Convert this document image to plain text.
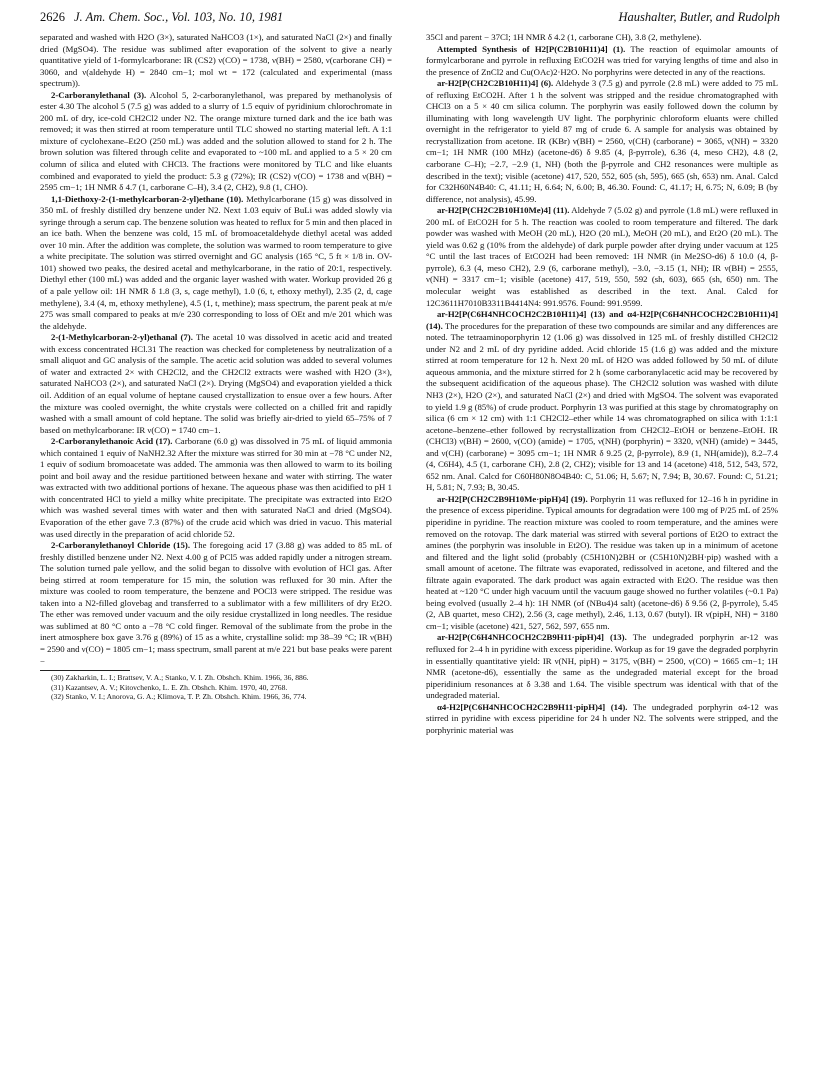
2626 J. Am. Chem. Soc., Vol. 103, No. 10, 1981	Haushalter, Butler, and Rudolph

separated and washed with H2O (3×), saturated NaHCO3 (1×), and saturated NaCl (2×) and finally dried (MgSO4). The residue was sublimed after evaporation of the solvent to give a nearly quantitative yield of 1-formylcarborane: IR (CS2) ν(CO) = 1738, ν(BH) = 2580, ν(carborane CH) = 3060, and ν(aldehyde H) = 2840 cm−1; mol wt = 172 (calculated and experimental (mass spectrum)).

2-Carboranylethanal (3). Alcohol 5, 2-carboranylethanol, was prepared by methanolysis of ester 4.30 The alcohol 5 (7.5 g) was added to a slurry of 1.5 equiv of pyridinium chlorochromate in 200 mL of dry, ice-cold CH2Cl2 under N2. The orange mixture turned dark and the ice bath was removed; it was then stirred at room temperature until TLC showed no starting material left. A 1:1 mixture of cyclohexane–Et2O (250 mL) was added and the solution allowed to stand for 2 h. The brown solution was filtered through celite and evaporated to ~100 mL and applied to a 5 × 20 cm column of silica and eluted with CHCl3. The fractions were monitored by TLC and like eluants combined and evaporated to yield the product: 5.3 g (72%); IR (CS2) ν(CO) = 1738 and ν(BH) = 2595 cm−1; 1H NMR δ 4.7 (1, carborane C–H), 3.4 (2, CH2), 9.8 (1, CHO).

1,1-Diethoxy-2-(1-methylcarboran-2-yl)ethane (10). Methylcarborane (15 g) was dissolved in 350 mL of freshly distilled dry benzene under N2. Next 1.03 equiv of BuLi was added slowly via syringe through a serum cap. The benzene solution was heated to reflux for 5 min and then placed in an ice bath. When the benzene was cold, 15 mL of bromoacetaldehyde diethyl acetal was added over 10 min. After the addition was complete, the solution was warmed to room temperature to give a white precipitate. The solution was stirred overnight and GC analysis (165 °C, 5 ft × 1/8 in. OV-101) showed two peaks, the desired acetal and methylcarborane, in the ratio of 20:1, respectively. Diethyl ether (100 mL) was added and the organic layer washed with water. Workup provided 26 g of a pale yellow oil: 1H NMR δ 1.8 (3, s, cage methyl), 1.0 (6, t, ethoxy methyl), 2.35 (2, d, cage methylene), 3.4 (4, m, ethoxy methylene), 4.5 (1, t, methine); mass spectrum, the parent peak at m/e 275 was small compared to peaks at m/e 230 corresponding to loss of OEt and m/e 201 which was the aldehyde.

2-(1-Methylcarboran-2-yl)ethanal (7). The acetal 10 was dissolved in acetic acid and treated with excess concentrated HCl.31 The reaction was checked for completeness by neutralization of a small aliquot and GC analysis of the sample. The acetic acid solution was added to several volumes of water and extracted 2× with CH2Cl2, and the CH2Cl2 extracts were washed with H2O (3×), saturated NaHCO3 (2×), and saturated NaCl (2×). Drying (MgSO4) and evaporation yielded a thick oil. Addition of an equal volume of heptane caused crystallization to ensue over a few hours. After the mixture was cooled overnight, the white crystals were collected on a chilled frit and rapidly washed with a small amount of cold heptane. The solid was briefly air-dried to yield 65–75% of 7 based on methylcarborane: IR ν(CO) = 1740 cm−1.

2-Carboranylethanoic Acid (17). Carborane (6.0 g) was dissolved in 75 mL of liquid ammonia which contained 1 equiv of NaNH2.32 After the mixture was stirred for 30 min at −78 °C under N2, 1 equiv of sodium bromoacetate was added. The ammonia was then allowed to warm to its boiling point and boil away and the residue partitioned between hexane and water with stirring. The water was extracted with two additional portions of hexane. The aqueous phase was then acidified to pH 1 with concentrated HCl to yield a milky white precipitate. The precipitate was extracted into Et2O which was washed several times with water and then with saturated NaCl and dried (MgSO4). Evaporation of the ether gave 7.3 (87%) of the crude acid which was dried in vacuo. This material was used directly in the preparation of acid chloride 52.

2-Carboranylethanoyl Chloride (15). The foregoing acid 17 (3.88 g) was added to 85 mL of freshly distilled benzene under N2. Next 4.00 g of PCl5 was added rapidly under a nitrogen stream. The solution turned pale yellow, and the solid began to dissolve with evolution of HCl gas. After being stirred at room temperature for 15 min, the solution was refluxed for 30 min. After the mixture was cooled to room temperature, the benzene and POCl3 were stripped. The residue was taken into a N2-filled glovebag and transferred to a sublimator with a few milliliters of dry Et2O. The ether was removed under vacuum and the oily residue crystallized in long needles. The residue was sublimed at 80 °C onto a −78 °C cold finger. Removal of the sublimate from the probe in the inert atmosphere box gave 3.76 g (89%) of 15 as a white, crystalline solid: mp 38–39 °C; IR ν(BH) = 2590 and ν(CO) = 1805 cm−1; mass spectrum, small parent at m/e 221 but base peaks were parent −

(30) Zakharkin, L. I.; Brattsev, V. A.; Stanko, V. I. Zh. Obshch. Khim. 1966, 36, 886.

(31) Kazantsev, A. V.; Kitovchenko, L. E. Zh. Obshch. Khim. 1970, 40, 2768.

(32) Stanko, V. I.; Anorova, G. A.; Klimova, T. P. Zh. Obshch. Khim. 1966, 36, 774.

35Cl and parent − 37Cl; 1H NMR δ 4.2 (1, carborane CH), 3.8 (2, methylene).

Attempted Synthesis of H2[P(C2B10H11)4] (1). The reaction of equimolar amounts of formylcarborane and pyrrole in refluxing EtCO2H was tried for varying lengths of time and also in the presence of ZnCl2 and Cu(OAc)2·H2O. No porphyrins were detected in any of the reactions.

ar-H2[P(CH2C2B10H11)4] (6). Aldehyde 3 (7.5 g) and pyrrole (2.8 mL) were added to 75 mL of refluxing EtCO2H. After 1 h the solvent was stripped and the residue chromatographed with CHCl3 on a 5 × 40 cm silica column. The porphyrin was easily followed down the column by illuminating with long wavelength UV light. The porphyrinic chloroform eluants were chilled overnight in the refrigerator to yield 87 mg of crude 6. A sample for analysis was obtained by recrystallization from acetone. IR (KBr) ν(BH) = 2560, ν(CH) (carborane) = 3065, ν(NH) = 3320 cm−1; 1H NMR (100 MHz) (acetone-d6) δ 9.85 (4, β-pyrrole), 6.36 (4, meso CH2), 4.8 (2, carborane C–H); −2.7, −2.9 (1, NH) (both the β-pyrrole and CH2 resonances were multiple as described in the text); visible (acetone) 417, 520, 552, 605 (sh, 595), 665 (sh, 653) nm. Anal. Calcd for C32H60N4B40: C, 41.11; H, 6.64; N, 6.00; B, 46.30. Found: C, 41.17; H, 6.75; N, 6.09; B (by difference, not analysis), 45.99.

ar-H2[P(CH2C2B10H10Me)4] (11). Aldehyde 7 (5.02 g) and pyrrole (1.8 mL) were refluxed in 200 mL of EtCO2H for 5 h. The reaction was cooled to room temperature and filtered. The dark powder was washed with MeOH (20 mL), H2O (20 mL), MeOH (20 mL), and Et2O (20 mL). The yield was 0.62 g (10% from the aldehyde) of dark purple powder after drying under vacuum at 125 °C until the last traces of EtCO2H had been removed: 1H NMR (in Me2SO-d6) δ 10.0 (4, β-pyrrole), 6.3 (4, meso CH2), 2.9 (6, carborane methyl), −3.0, −3.15 (1, NH); IR ν(BH) = 2555, ν(NH) = 3317 cm−1; visible (acetone) 417, 519, 550, 592 (sh, 603), 665 (sh, 650) nm. The molecular weight was established as described in the text. Anal. Calcd for 12C3611H7010B3311B4414N4: 991.9576. Found: 991.9599.

ar-H2[P(C6H4NHCOCH2C2B10H11)4] (13) and α4-H2[P(C6H4NHCOCH2C2B10H11)4] (14). The procedures for the preparation of these two compounds are similar and any differences are noted. The tetraaminoporphyrin 12 (1.06 g) was dissolved in 125 mL of freshly distilled CH2Cl2 under N2 and 2 mL of dry pyridine added. Acid chloride 15 (1.6 g) was added and the mixture stirred at room temperature for 12 h. Next 20 mL of H2O was added followed by 50 mL of dilute aqueous ammonia, and the mixture stirred for 2 h (some carboranylacetic acid may be recovered by the subsequent acidification of the aqueous phase). The CH2Cl2 solution was washed with dilute NH3 (2×), H2O (2×), and saturated NaCl (2×) and dried with MgSO4. The solvent was evaporated to yield 1.9 g (85%) of crude product. Porphyrin 13 was purified at this stage by chromatography on silica (6 cm × 12 cm) with 1:1 CH2Cl2–ether while 14 was chromatographed on silica with 1:1:1 acetone–benzene–ether followed by recrystallization from CH2Cl2–EtOH or benzene–EtOH. IR (CHCl3) ν(BH) = 2600, ν(CO) (amide) = 1705, ν(NH) (porphyrin) = 3320, ν(NH) (amide) = 3445, and ν(CH) (carborane) = 3095 cm−1; 1H NMR δ 9.25 (2, β-pyrrole), 8.9 (1, NH(amide)), 8.2–7.4 (4, C6H4), 4.5 (1, carborane CH), 2.8 (2, CH2); visible for 13 and 14 (acetone) 418, 512, 543, 572, 652 nm. Anal. Calcd for C60H80N8O4B40: C, 51.06; H, 5.67; N, 7.94; B, 30.67. Found: C, 51.21; H, 5.81; N, 7.93; B, 30.45.

ar-H2[P(CH2C2B9H10Me·pipH)4] (19). Porphyrin 11 was refluxed for 12–16 h in pyridine in the presence of excess piperidine. Typical amounts for degradation were 100 mg of P/25 mL of 25% piperidine in pyridine. The reaction mixture was cooled to room temperature, and the amines were removed on the rotovap. The dark material was stirred with several portions of Et2O to extract the amines (the porphyrin was insoluble in Et2O). The residue was taken up in a minimum of acetone and filtered and the light solid (probably (C5H10N)2BH or (C5H10N)2BH·pip) washed with a small amount of acetone. The filtrate was evaporated, redissolved in acetone, and filtered and the filtrate again evaporated. The dark product was again extracted with Et2O. The residue was then heated at ~120 °C under high vacuum until the vacuum gauge showed no further volatiles (~0.1 Pa) being evolved (usually 2–4 h): 1H NMR (of (NBu4)4 salt) (acetone-d6) δ 9.56 (2, β-pyrrole), 5.45 (2, AB quartet, meso CH2), 2.56 (3, cage methyl), 2.46, 1.13, 0.67 (butyl). IR ν(pipH, NH) = 3180 cm−1; visible (acetone) 421, 527, 562, 597, 655 nm.

ar-H2[P(C6H4NHCOCH2C2B9H11·pipH)4] (13). The undegraded porphyrin ar-12 was refluxed for 2–4 h in pyridine with excess piperidine. Workup as for 19 gave the degraded porphyrin in essentially quantitative yield: IR ν(NH, pipH) = 3175, ν(BH) = 2500, ν(CO) = 1665 cm−1; 1H NMR (acetone-d6), essentially the same as the undegraded material except for the broad piperidinium resonances at δ 3.38 and 1.64. The visible spectrum was identical with that of the undegraded material.

α4-H2[P(C6H4NHCOCH2C2B9H11·pipH)4] (14). The undegraded porphyrin α4-12 was stirred in pyridine with excess piperidine for 24 h under N2. The solvents were stripped, and the porphyrinic material was
